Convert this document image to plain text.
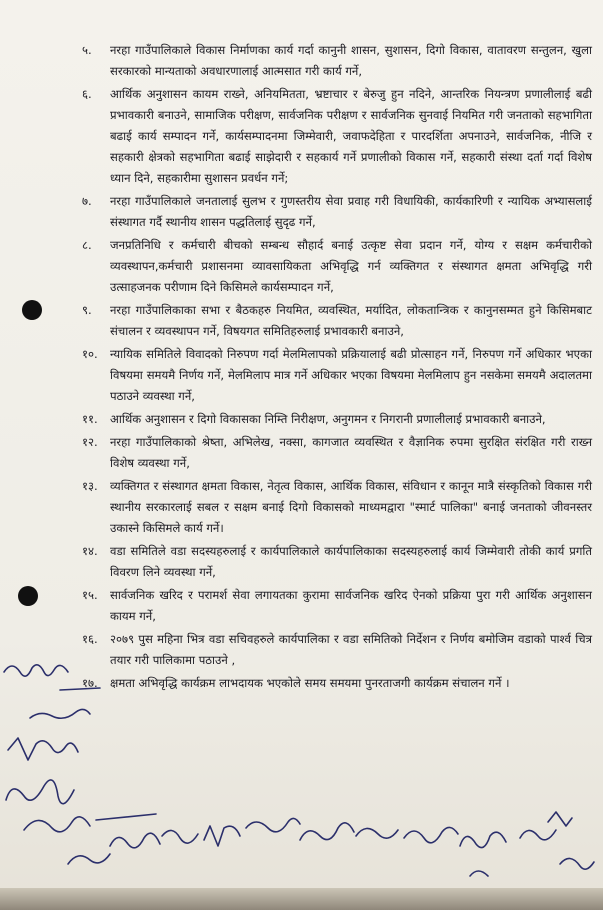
५. नरहा गाउँपालिकाले विकास निर्माणका कार्य गर्दा कानुनी शासन, सुशासन, दिगो विकास, वातावरण सन्तुलन, खुला सरकारको मान्यताको अवधारणालाई आत्मसात गरी कार्य गर्ने,
६. आर्थिक अनुशासन कायम राख्ने, अनियमितता, भ्रष्टाचार र बेरुजु हुन नदिने, आन्तरिक नियन्त्रण प्रणालीलाई बढी प्रभावकारी बनाउने, सामाजिक परीक्षण, सार्वजनिक परीक्षण र सार्वजनिक सुनवाई नियमित गरी जनताको सहभागिता बढाई कार्य सम्पादन गर्ने, कार्यसम्पादनमा जिम्मेवारी, जवाफदेहिता र पारदर्शिता अपनाउने, सार्वजनिक, नीजि र सहकारी क्षेत्रको सहभागिता बढाई साझेदारी र सहकार्य गर्ने प्रणालीको विकास गर्ने, सहकारी संस्था दर्ता गर्दा विशेष ध्यान दिने, सहकारीमा सुशासन प्रवर्धन गर्ने;
७. नरहा गाउँपालिकाले जनतालाई सुलभ र गुणस्तरीय सेवा प्रवाह गरी विधायिकी, कार्यकारिणी र न्यायिक अभ्यासलाई संस्थागत गर्दै स्थानीय शासन पद्धतिलाई सुदृढ गर्ने,
८. जनप्रतिनिधि र कर्मचारी बीचको सम्बन्ध सौहार्द बनाई उत्कृष्ट सेवा प्रदान गर्ने, योग्य र सक्षम कर्मचारीको व्यवस्थापन,कर्मचारी प्रशासनमा व्यावसायिकता अभिवृद्धि गर्न व्यक्तिगत र संस्थागत क्षमता अभिवृद्धि गरी उत्साहजनक परीणाम दिने किसिमले कार्यसम्पादन गर्ने,
९. नरहा गाउँपालिकाका सभा र बैठकहरु नियमित, व्यवस्थित, मर्यादित, लोकतान्त्रिक र कानुनसम्मत हुने किसिमबाट संचालन र व्यवस्थापन गर्ने, विषयगत समितिहरुलाई प्रभावकारी बनाउने,
१०. न्यायिक समितिले विवादको निरुपण गर्दा मेलमिलापको प्रक्रियालाई बढी प्रोत्साहन गर्ने, निरुपण गर्ने अधिकार भएका विषयमा समयमै निर्णय गर्ने, मेलमिलाप मात्र गर्ने अधिकार भएका विषयमा मेलमिलाप हुन नसकेमा समयमै अदालतमा पठाउने व्यवस्था गर्ने,
११. आर्थिक अनुशासन र दिगो विकासका निम्ति निरीक्षण, अनुगमन र निगरानी प्रणालीलाई प्रभावकारी बनाउने,
१२. नरहा गाउँपालिकाको श्रेष्ता, अभिलेख, नक्सा, कागजात व्यवस्थित र वैज्ञानिक रुपमा सुरक्षित संरक्षित गरी राख्न विशेष व्यवस्था गर्ने,
१३. व्यक्तिगत र संस्थागत क्षमता विकास, नेतृत्व विकास, आर्थिक विकास, संविधान र कानून मात्रै संस्कृतिको विकास गरी स्थानीय सरकारलाई सबल र सक्षम बनाई दिगो विकासको माध्यमद्वारा "स्मार्ट पालिका" बनाई जनताको जीवनस्तर उकास्ने किसिमले कार्य गर्ने।
१४. वडा समितिले वडा सदस्यहरुलाई र कार्यपालिकाले कार्यपालिकाका सदस्यहरुलाई कार्य जिम्मेवारी तोकी कार्य प्रगति विवरण लिने व्यवस्था गर्ने,
१५. सार्वजनिक खरिद र परामर्श सेवा लगायतका कुरामा सार्वजनिक खरिद ऐनको प्रक्रिया पुरा गरी आर्थिक अनुशासन कायम गर्ने,
१६. २०७९ पुस महिना भित्र वडा सचिवहरुले कार्यपालिका र वडा समितिको निर्देशन र निर्णय बमोजिम वडाको पार्श्व चित्र तयार गरी पालिकामा पठाउने ,
१७. क्षमता अभिवृद्धि कार्यक्रम लाभदायक भएकोले समय समयमा पुनरताजगी कार्यक्रम संचालन गर्ने ।
